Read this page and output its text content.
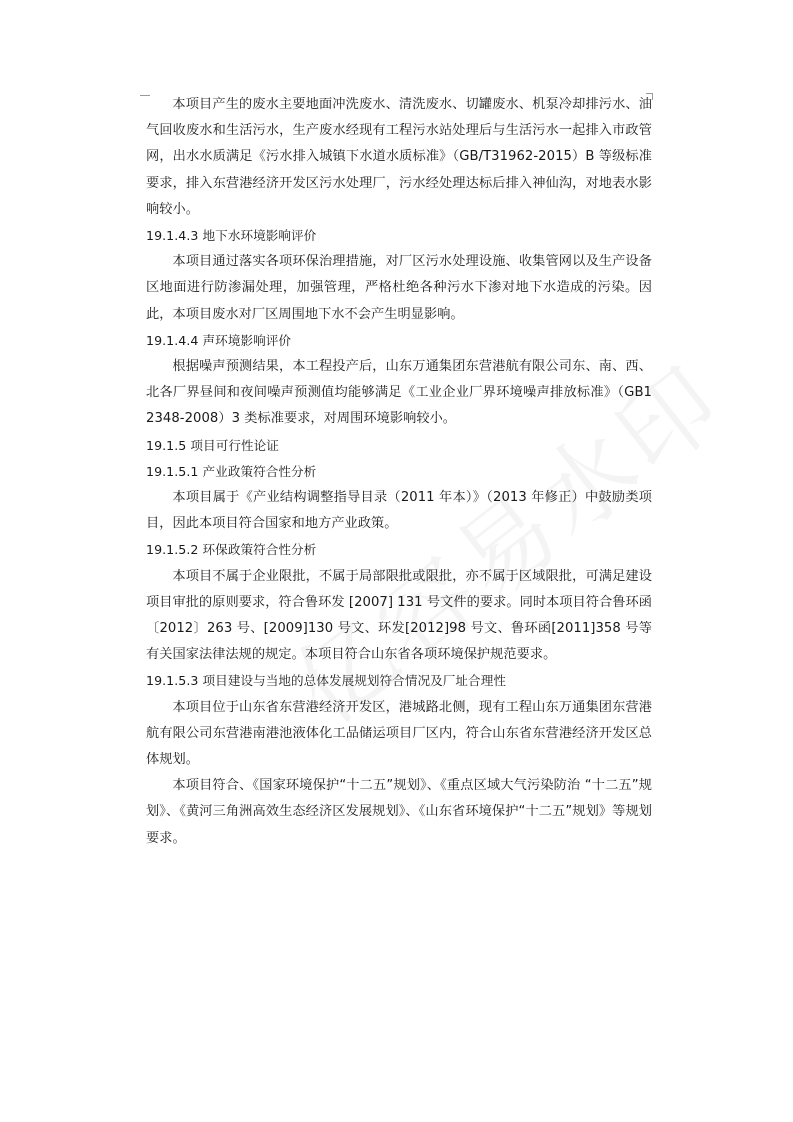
本项目产生的废水主要地面冲洗废水、清洗废水、切罐废水、机泵冷却排污水、油气回收废水和生活污水，生产废水经现有工程污水站处理后与生活污水一起排入市政管网，出水水质满足《污水排入城镇下水道水质标准》（GB/T31962-2015）B 等级标准要求，排入东营港经济开发区污水处理厂，污水经处理达标后排入神仙沟，对地表水影响较小。

19.1.4.3 地下水环境影响评价

本项目通过落实各项环保治理措施，对厂区污水处理设施、收集管网以及生产设备区地面进行防渗漏处理，加强管理，严格杜绝各种污水下渗对地下水造成的污染。因此，本项目废水对厂区周围地下水不会产生明显影响。

19.1.4.4 声环境影响评价

根据噪声预测结果，本工程投产后，山东万通集团东营港航有限公司东、南、西、北各厂界昼间和夜间噪声预测值均能够满足《工业企业厂界环境噪声排放标准》（GB12348-2008）3 类标准要求，对周围环境影响较小。

19.1.5 项目可行性论证

19.1.5.1 产业政策符合性分析

本项目属于《产业结构调整指导目录（2011 年本）》（2013 年修正）中鼓励类项目，因此本项目符合国家和地方产业政策。

19.1.5.2 环保政策符合性分析

本项目不属于企业限批，不属于局部限批或限批，亦不属于区域限批，可满足建设项目审批的原则要求，符合鲁环发 [2007] 131 号文件的要求。同时本项目符合鲁环函〔2012〕263 号、[2009]130 号文、环发[2012]98 号文、鲁环函[2011]358 号等有关国家法律法规的规定。本项目符合山东省各项环境保护规范要求。

19.1.5.3 项目建设与当地的总体发展规划符合情况及厂址合理性

本项目位于山东省东营港经济开发区，港城路北侧，现有工程山东万通集团东营港航有限公司东营港南港池液体化工品储运项目厂区内，符合山东省东营港经济开发区总体规划。

本项目符合、《国家环境保护“十二五”规划》、《重点区域大气污染防治 “十二五”规划》、《黄河三角洲高效生态经济区发展规划》、《山东省环境保护“十二五”规划》等规划要求。
